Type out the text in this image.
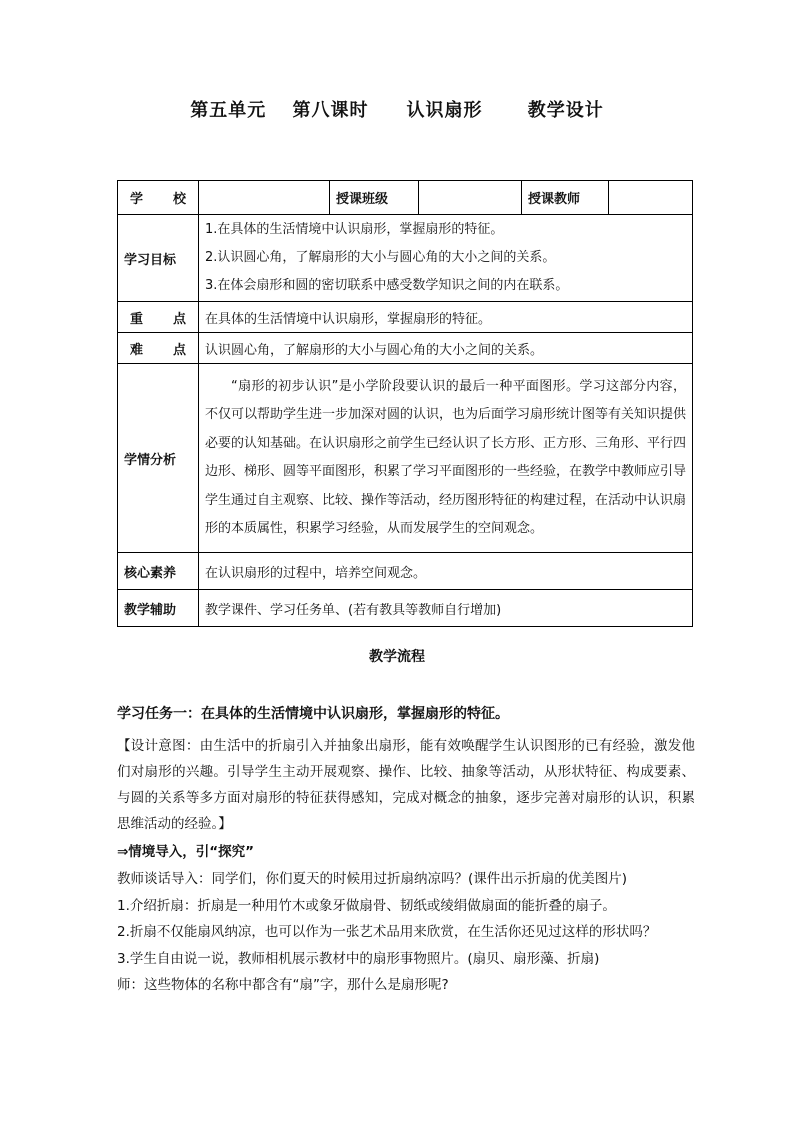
第五单元　 第八课时　　认识扇形　　 教学设计
学 校		授课班级		授课教师	
学习目标	1.在具体的生活情境中认识扇形，掌握扇形的特征。
2.认识圆心角，了解扇形的大小与圆心角的大小之间的关系。
3.在体会扇形和圆的密切联系中感受数学知识之间的内在联系。				

重 点	在具体的生活情境中认识扇形，掌握扇形的特征。				

难 点	认识圆心角，了解扇形的大小与圆心角的大小之间的关系。				
学情分析	“扇形的初步认识”是小学阶段要认识的最后一种平面图形。学习这部分内容，不仅可以帮助学生进一步加深对圆的认识，也为后面学习扇形统计图等有关知识提供必要的认知基础。在认识扇形之前学生已经认识了长方形、正方形、三角形、平行四边形、梯形、圆等平面图形，积累了学习平面图形的一些经验，在教学中教师应引导学生通过自主观察、比较、操作等活动，经历图形特征的构建过程，在活动中认识扇形的本质属性，积累学习经验，从而发展学生的空间观念。				

核心素养	在认识扇形的过程中，培养空间观念。				
教学辅助	教学课件、学习任务单、(若有教具等教师自行增加)				
教学流程
学习任务一：在具体的生活情境中认识扇形，掌握扇形的特征。
【设计意图：由生活中的折扇引入并抽象出扇形，能有效唤醒学生认识图形的已有经验，激发他们对扇形的兴趣。引导学生主动开展观察、操作、比较、抽象等活动，从形状特征、构成要素、与圆的关系等多方面对扇形的特征获得感知，完成对概念的抽象，逐步完善对扇形的认识，积累思维活动的经验。】
⇒情境导入，引“探究”
教师谈话导入：同学们，你们夏天的时候用过折扇纳凉吗？(课件出示折扇的优美图片)
1.介绍折扇：折扇是一种用竹木或象牙做扇骨、韧纸或绫绢做扇面的能折叠的扇子。
2.折扇不仅能扇风纳凉，也可以作为一张艺术品用来欣赏，在生活你还见过这样的形状吗？
3.学生自由说一说，教师相机展示教材中的扇形事物照片。(扇贝、扇形藻、折扇)
师：这些物体的名称中都含有“扇”字，那什么是扇形呢?
